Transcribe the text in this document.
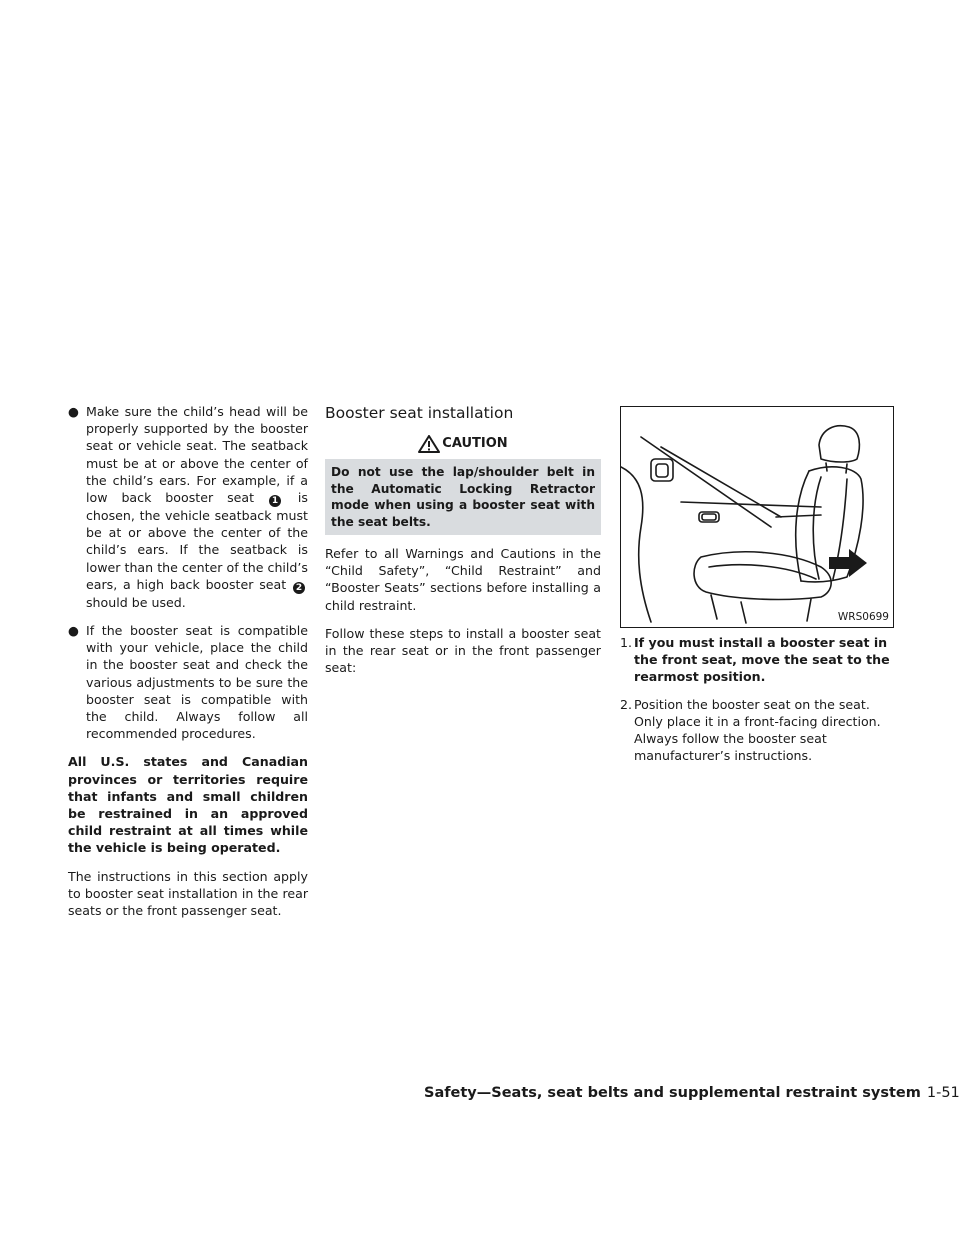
● Make sure the child’s head will be properly supported by the booster seat or vehicle seat. The seatback must be at or above the center of the child’s ears. For example, if a low back booster seat 1 is chosen, the vehicle seatback must be at or above the center of the child’s ears. If the seatback is lower than the center of the child’s ears, a high back booster seat 2 should be used.
● If the booster seat is compatible with your vehicle, place the child in the booster seat and check the various adjustments to be sure the booster seat is compatible with the child. Always follow all recommended procedures.

All U.S. states and Canadian provinces or territories require that infants and small children be restrained in an approved child restraint at all times while the vehicle is being operated.

The instructions in this section apply to booster seat installation in the rear seats or the front passenger seat.

Booster seat installation
CAUTION
Do not use the lap/shoulder belt in the Automatic Locking Retractor mode when using a booster seat with the seat belts.

Refer to all Warnings and Cautions in the “Child Safety”, “Child Restraint” and “Booster Seats” sections before installing a child restraint.

Follow these steps to install a booster seat in the rear seat or in the front passenger seat:

WRS0699
1. If you must install a booster seat in the front seat, move the seat to the rearmost position.
2. Position the booster seat on the seat. Only place it in a front-facing direction. Always follow the booster seat manufacturer’s instructions.
Safety—Seats, seat belts and supplemental restraint system 1-51
